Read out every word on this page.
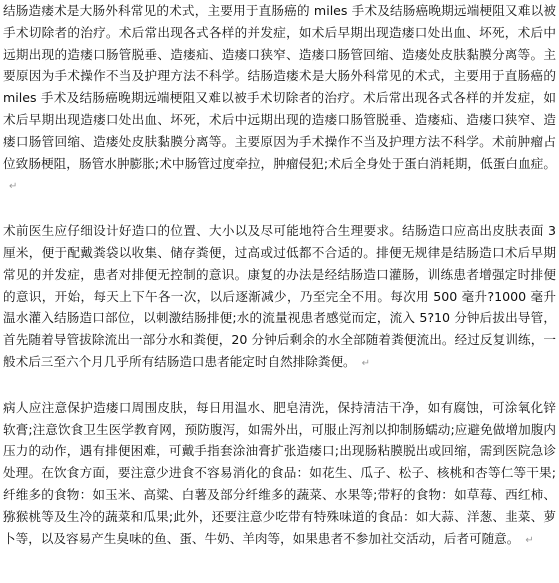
结肠造瘘术是大肠外科常见的术式，主要用于直肠癌的 miles 手术及结肠癌晚期远端梗阻又难以被手术切除者的治疗。术后常出现各式各样的并发症，如术后早期出现造瘘口处出血、坏死，术后中远期出现的造瘘口肠管脱垂、造瘘疝、造瘘口狭窄、造瘘口肠管回缩、造瘘处皮肤黏膜分离等。主要原因为手术操作不当及护理方法不科学。结肠造瘘术是大肠外科常见的术式，主要用于直肠癌的 miles 手术及结肠癌晚期远端梗阻又难以被手术切除者的治疗。术后常出现各式各样的并发症，如术后早期出现造瘘口处出血、坏死，术后中远期出现的造瘘口肠管脱垂、造瘘疝、造瘘口狭窄、造瘘口肠管回缩、造瘘处皮肤黏膜分离等。主要原因为手术操作不当及护理方法不科学。术前肿瘤占位致肠梗阻，肠管水肿膨胀;术中肠管过度牵拉，肿瘤侵犯;术后全身处于蛋白消耗期，低蛋白血症。↵

术前医生应仔细设计好造口的位置、大小以及尽可能地符合生理要求。结肠造口应高出皮肤表面 3 厘米，便于配戴粪袋以收集、储存粪便，过高或过低都不合适的。排便无规律是结肠造口术后早期常见的并发症，患者对排便无控制的意识。康复的办法是经结肠造口灌肠，训练患者增强定时排便的意识，开始，每天上下午各一次，以后逐渐减少，乃至完全不用。每次用 500 毫升?1000 毫升温水灌入结肠造口部位，以刺激结肠排便;水的流量视患者感觉而定，流入 5?10 分钟后拔出导管，首先随着导管拔除流出一部分水和粪便，20 分钟后剩余的水全部随着粪便流出。经过反复训练，一般术后三至六个月几乎所有结肠造口患者能定时自然排除粪便。 ↵

病人应注意保护造瘘口周围皮肤，每日用温水、肥皂清洗，保持清洁干净，如有腐蚀，可涂氧化锌软膏;注意饮食卫生医学教育网，预防腹泻，如需外出，可服止泻剂以抑制肠蠕动;应避免做增加腹内压力的动作，遇有排便困难，可戴手指套涂油膏扩张造瘘口;出现肠粘膜脱出或回缩，需到医院急诊处理。在饮食方面，要注意少进食不容易消化的食品：如花生、瓜子、松子、核桃和杏等仁等干果;纤维多的食物：如玉米、高粱、白薯及部分纤维多的蔬菜、水果等;带籽的食物：如草莓、西红柿、猕猴桃等及生冷的蔬菜和瓜果;此外，还要注意少吃带有特殊味道的食品：如大蒜、洋葱、韭菜、萝卜等，以及容易产生臭味的鱼、蛋、牛奶、羊肉等，如果患者不参加社交活动，后者可随意。 ↵
